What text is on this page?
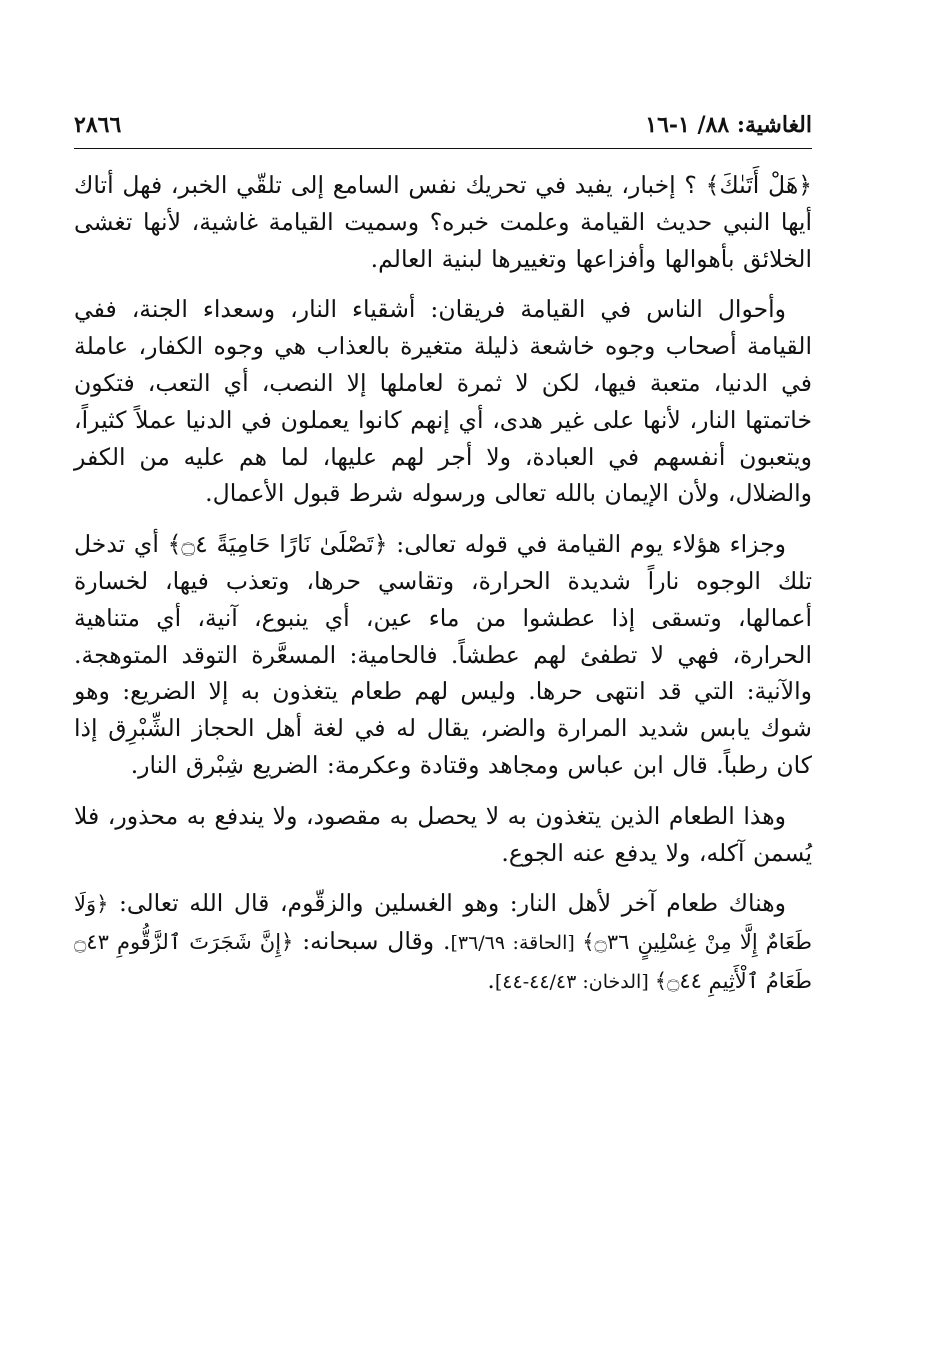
الغاشية: ٨٨/ ١-١٦
٢٨٦٦

﴿هَلْ أَتَىٰكَ﴾ ؟ إخبار، يفيد في تحريك نفس السامع إلى تلقّي الخبر، فهل أتاك أيها النبي حديث القيامة وعلمت خبره؟ وسميت القيامة غاشية، لأنها تغشى الخلائق بأهوالها وأفزاعها وتغييرها لبنية العالم.

وأحوال الناس في القيامة فريقان: أشقياء النار، وسعداء الجنة، ففي القيامة أصحاب وجوه خاشعة ذليلة متغيرة بالعذاب هي وجوه الكفار، عاملة في الدنيا، متعبة فيها، لكن لا ثمرة لعاملها إلا النصب، أي التعب، فتكون خاتمتها النار، لأنها على غير هدى، أي إنهم كانوا يعملون في الدنيا عملاً كثيراً، ويتعبون أنفسهم في العبادة، ولا أجر لهم عليها، لما هم عليه من الكفر والضلال، ولأن الإيمان بالله تعالى ورسوله شرط قبول الأعمال.

وجزاء هؤلاء يوم القيامة في قوله تعالى: ﴿تَصْلَىٰ نَارًا حَامِيَةً ۝٤﴾ أي تدخل تلك الوجوه ناراً شديدة الحرارة، وتقاسي حرها، وتعذب فيها، لخسارة أعمالها، وتسقى إذا عطشوا من ماء عين، أي ينبوع، آنية، أي متناهية الحرارة، فهي لا تطفئ لهم عطشاً. فالحامية: المسعَّرة التوقد المتوهجة. والآنية: التي قد انتهى حرها. وليس لهم طعام يتغذون به إلا الضريع: وهو شوك يابس شديد المرارة والضر، يقال له في لغة أهل الحجاز الشِّبْرِق إذا كان رطباً. قال ابن عباس ومجاهد وقتادة وعكرمة: الضريع شِبْرق النار.

وهذا الطعام الذين يتغذون به لا يحصل به مقصود، ولا يندفع به محذور، فلا يُسمن آكله، ولا يدفع عنه الجوع.

وهناك طعام آخر لأهل النار: وهو الغسلين والزقّوم، قال الله تعالى: ﴿وَلَا طَعَامٌ إِلَّا مِنْ غِسْلِينٍ ۝٣٦﴾ [الحاقة: ٣٦/٦٩]. وقال سبحانه: ﴿إِنَّ شَجَرَتَ ٱلزَّقُّومِ ۝٤٣ طَعَامُ ٱلْأَثِيمِ ۝٤٤﴾ [الدخان: ٤٤/٤٣-٤٤].
